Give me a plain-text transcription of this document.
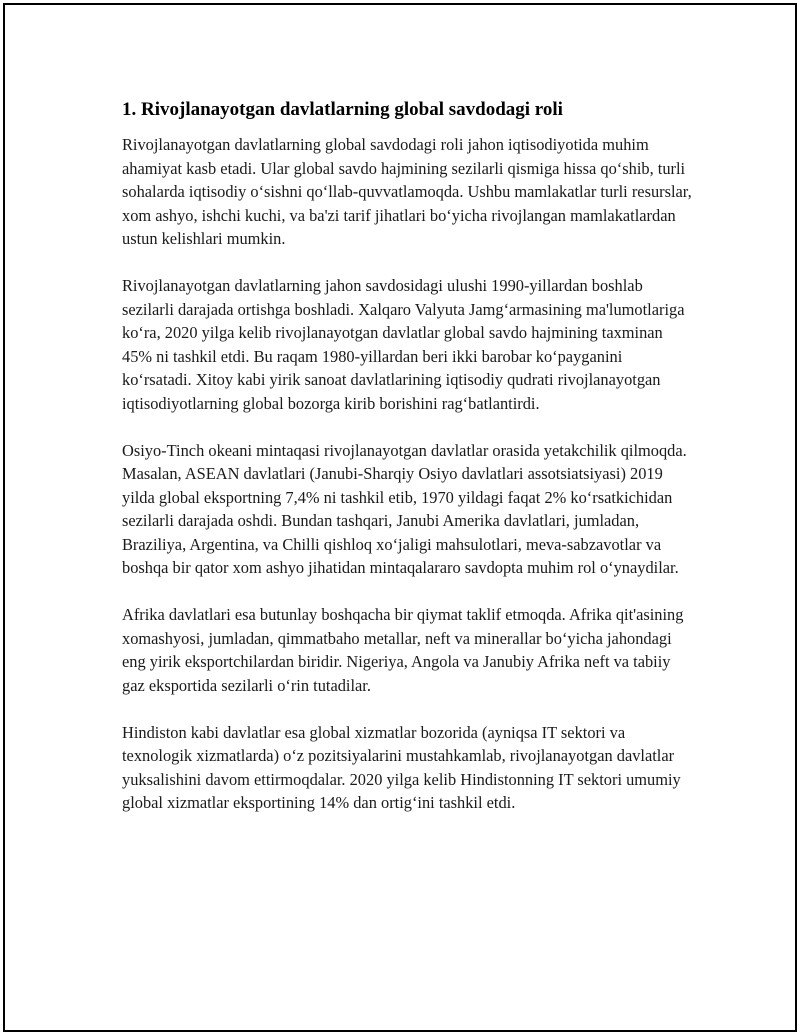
1. Rivojlanayotgan davlatlarning global savdodagi roli

Rivojlanayotgan davlatlarning global savdodagi roli jahon iqtisodiyotida muhim ahamiyat kasb etadi. Ular global savdo hajmining sezilarli qismiga hissa qo‘shib, turli sohalarda iqtisodiy o‘sishni qo‘llab-quvvatlamoqda. Ushbu mamlakatlar turli resurslar, xom ashyo, ishchi kuchi, va ba'zi tarif jihatlari bo‘yicha rivojlangan mamlakatlardan ustun kelishlari mumkin.

Rivojlanayotgan davlatlarning jahon savdosidagi ulushi 1990-yillardan boshlab sezilarli darajada ortishga boshladi. Xalqaro Valyuta Jamg‘armasining ma'lumotlariga ko‘ra, 2020 yilga kelib rivojlanayotgan davlatlar global savdo hajmining taxminan 45% ni tashkil etdi. Bu raqam 1980-yillardan beri ikki barobar ko‘payganini ko‘rsatadi. Xitoy kabi yirik sanoat davlatlarining iqtisodiy qudrati rivojlanayotgan iqtisodiyotlarning global bozorga kirib borishini rag‘batlantirdi.

Osiyo-Tinch okeani mintaqasi rivojlanayotgan davlatlar orasida yetakchilik qilmoqda. Masalan, ASEAN davlatlari (Janubi-Sharqiy Osiyo davlatlari assotsiatsiyasi) 2019 yilda global eksportning 7,4% ni tashkil etib, 1970 yildagi faqat 2% ko‘rsatkichidan sezilarli darajada oshdi. Bundan tashqari, Janubi Amerika davlatlari, jumladan, Braziliya, Argentina, va Chilli qishloq xo‘jaligi mahsulotlari, meva-sabzavotlar va boshqa bir qator xom ashyo jihatidan mintaqalararo savdopta muhim rol o‘ynaydilar.

Afrika davlatlari esa butunlay boshqacha bir qiymat taklif etmoqda. Afrika qit'asining xomashyosi, jumladan, qimmatbaho metallar, neft va minerallar bo‘yicha jahondagi eng yirik eksportchilardan biridir. Nigeriya, Angola va Janubiy Afrika neft va tabiiy gaz eksportida sezilarli o‘rin tutadilar.

Hindiston kabi davlatlar esa global xizmatlar bozorida (ayniqsa IT sektori va texnologik xizmatlarda) o‘z pozitsiyalarini mustahkamlab, rivojlanayotgan davlatlar yuksalishini davom ettirmoqdalar. 2020 yilga kelib Hindistonning IT sektori umumiy global xizmatlar eksportining 14% dan ortig‘ini tashkil etdi.
